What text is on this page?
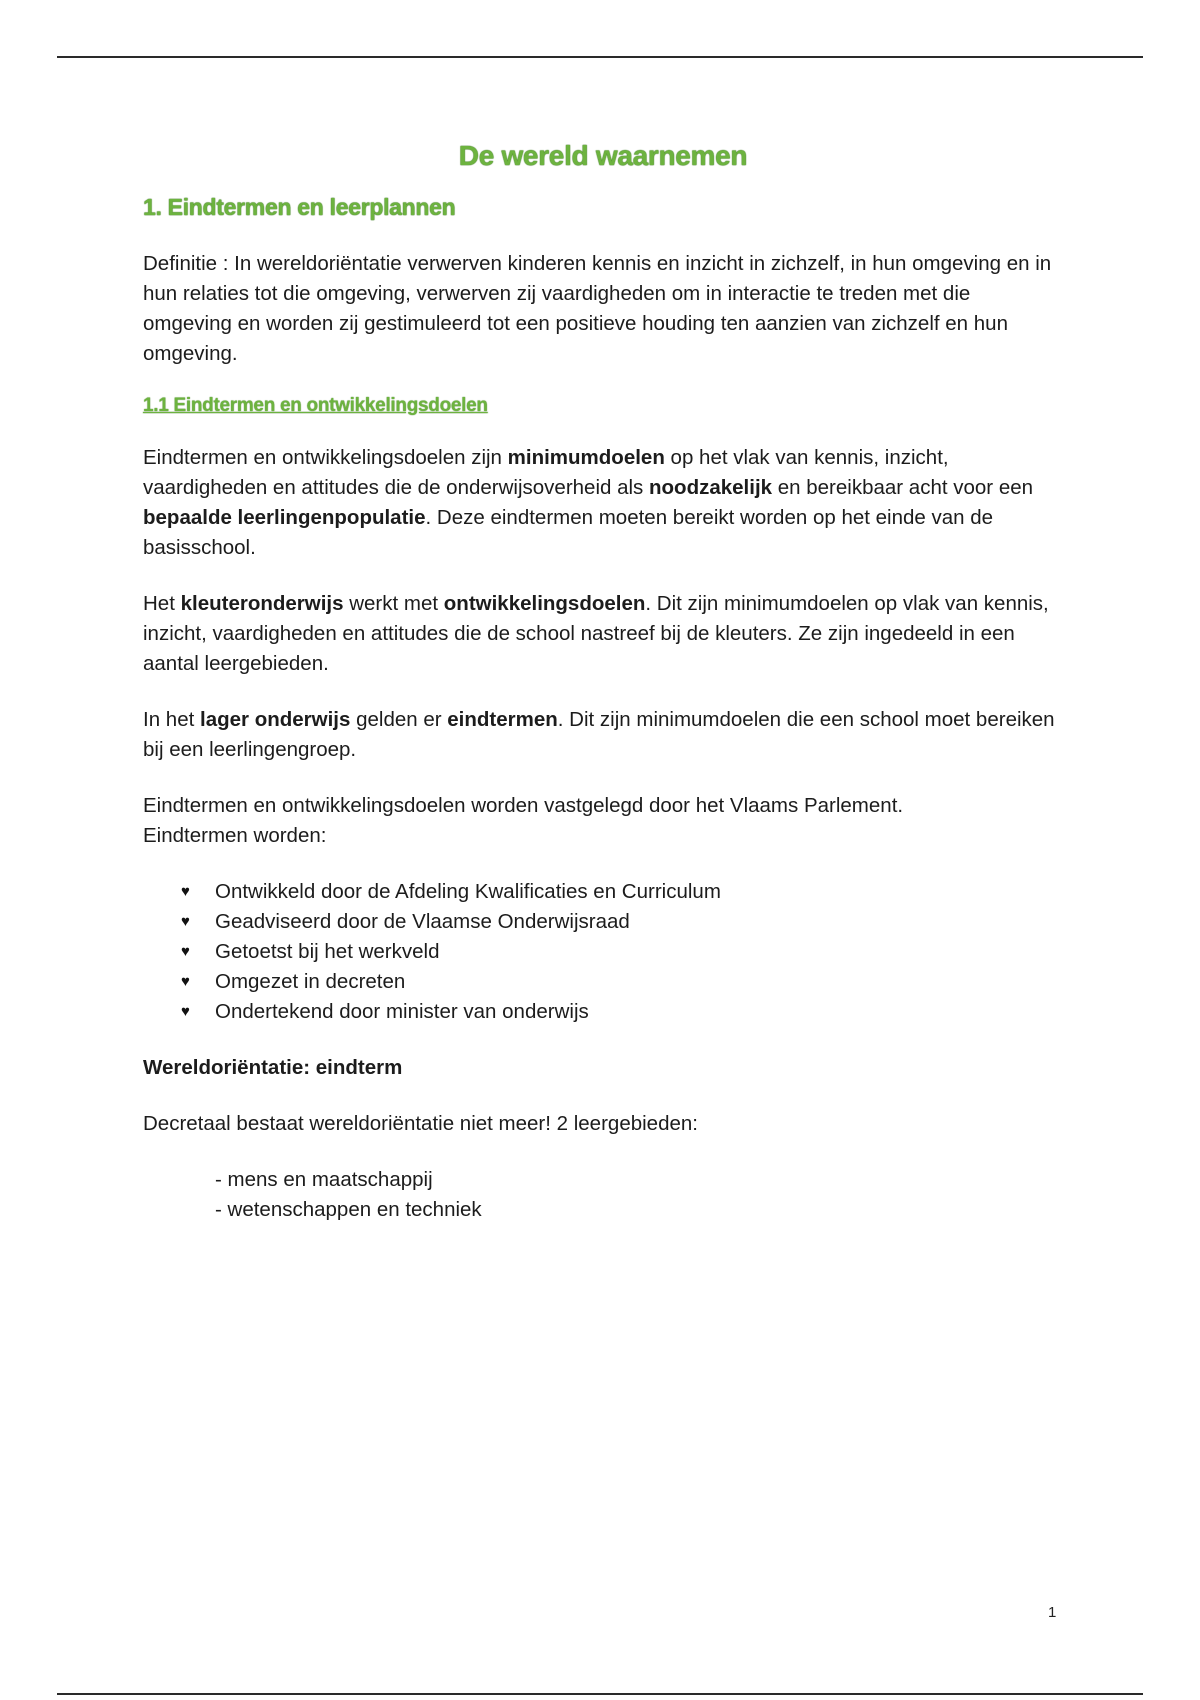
De wereld waarnemen
1. Eindtermen en leerplannen

Definitie : In wereldoriëntatie verwerven kinderen kennis en inzicht in zichzelf, in hun omgeving en in hun relaties tot die omgeving, verwerven zij vaardigheden om in interactie te treden met die omgeving en worden zij gestimuleerd tot een positieve houding ten aanzien van zichzelf en hun omgeving.

1.1 Eindtermen en ontwikkelingsdoelen

Eindtermen en ontwikkelingsdoelen zijn minimumdoelen op het vlak van kennis, inzicht, vaardigheden en attitudes die de onderwijsoverheid als noodzakelijk en bereikbaar acht voor een bepaalde leerlingenpopulatie. Deze eindtermen moeten bereikt worden op het einde van de basisschool.

Het kleuteronderwijs werkt met ontwikkelingsdoelen. Dit zijn minimumdoelen op vlak van kennis, inzicht, vaardigheden en attitudes die de school nastreef bij de kleuters. Ze zijn ingedeeld in een aantal leergebieden.

In het lager onderwijs gelden er eindtermen. Dit zijn minimumdoelen die een school moet bereiken bij een leerlingengroep.

Eindtermen en ontwikkelingsdoelen worden vastgelegd door het Vlaams Parlement.
Eindtermen worden:

♥ Ontwikkeld door de Afdeling Kwalificaties en Curriculum
♥ Geadviseerd door de Vlaamse Onderwijsraad
♥ Getoetst bij het werkveld
♥ Omgezet in decreten
♥ Ondertekend door minister van onderwijs
Wereldoriëntatie: eindterm

Decretaal bestaat wereldoriëntatie niet meer! 2 leergebieden:

- mens en maatschappij
- wetenschappen en techniek
1
